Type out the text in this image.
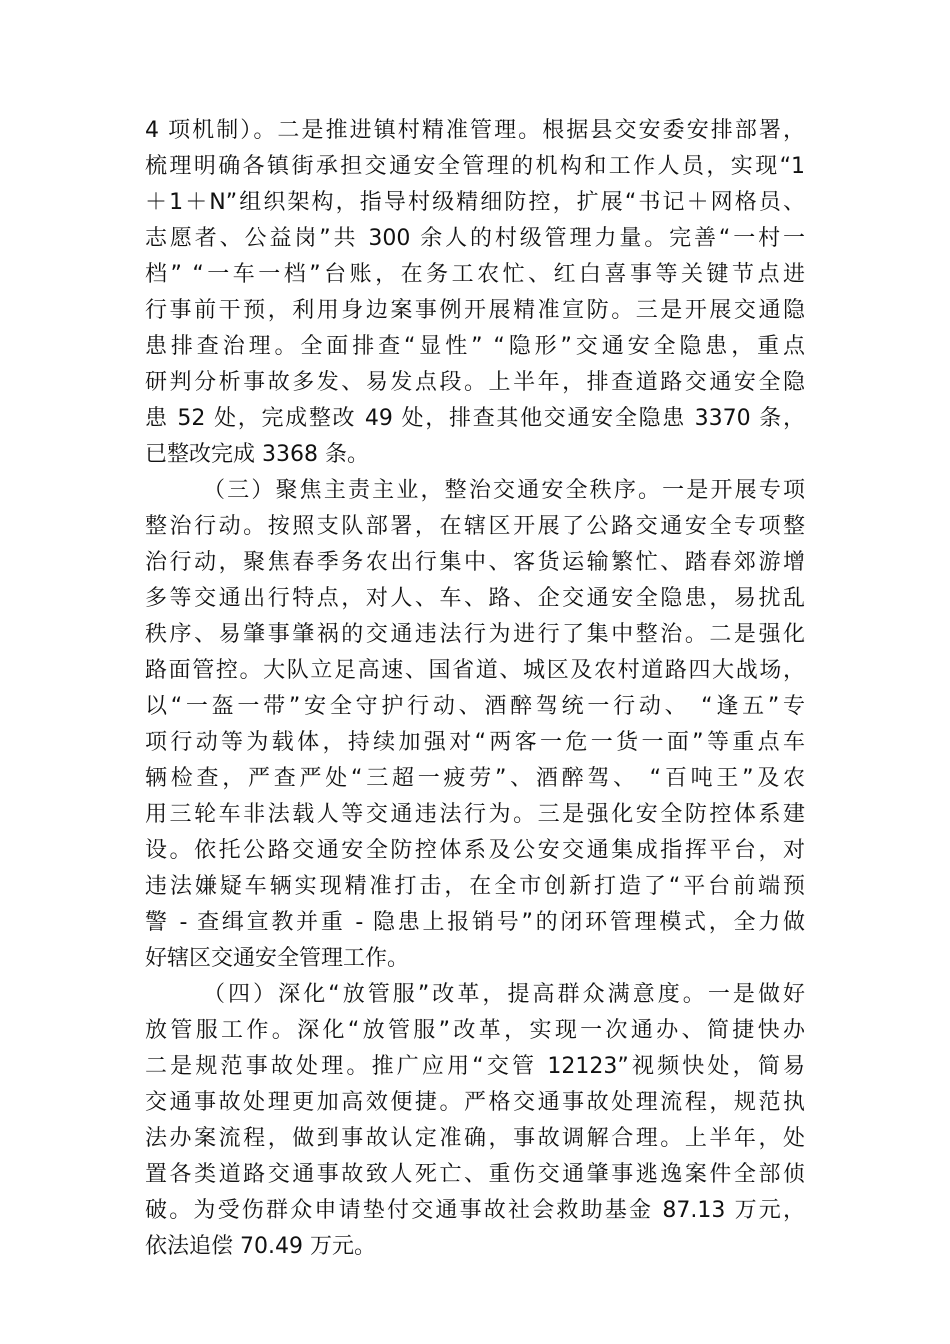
4 项机制）。二是推进镇村精准管理。根据县交安委安排部署，
梳理明确各镇街承担交通安全管理的机构和工作人员，实现“1
＋1＋N”组织架构，指导村级精细防控，扩展“书记＋网格员、
志愿者、公益岗”共 300 余人的村级管理力量。完善“一村一
档” “一车一档”台账，在务工农忙、红白喜事等关键节点进
行事前干预，利用身边案事例开展精准宣防。三是开展交通隐
患排查治理。全面排查“显性” “隐形”交通安全隐患，重点
研判分析事故多发、易发点段。上半年，排查道路交通安全隐
患 52 处，完成整改 49 处，排查其他交通安全隐患 3370 条，
已整改完成 3368 条。
（三）聚焦主责主业，整治交通安全秩序。一是开展专项
整治行动。按照支队部署，在辖区开展了公路交通安全专项整
治行动，聚焦春季务农出行集中、客货运输繁忙、踏春郊游增
多等交通出行特点，对人、车、路、企交通安全隐患，易扰乱
秩序、易肇事肇祸的交通违法行为进行了集中整治。二是强化
路面管控。大队立足高速、国省道、城区及农村道路四大战场，
以“一盔一带”安全守护行动、酒醉驾统一行动、 “逢五”专
项行动等为载体，持续加强对“两客一危一货一面”等重点车
辆检查，严查严处“三超一疲劳”、酒醉驾、 “百吨王”及农
用三轮车非法载人等交通违法行为。三是强化安全防控体系建
设。依托公路交通安全防控体系及公安交通集成指挥平台，对
违法嫌疑车辆实现精准打击，在全市创新打造了“平台前端预
警 - 查缉宣教并重 - 隐患上报销号”的闭环管理模式，全力做
好辖区交通安全管理工作。
（四）深化“放管服”改革，提高群众满意度。一是做好
放管服工作。深化“放管服”改革，实现一次通办、简捷快办
二是规范事故处理。推广应用“交管 12123”视频快处，简易
交通事故处理更加高效便捷。严格交通事故处理流程，规范执
法办案流程，做到事故认定准确，事故调解合理。上半年，处
置各类道路交通事故致人死亡、重伤交通肇事逃逸案件全部侦
破。为受伤群众申请垫付交通事故社会救助基金 87.13 万元，
依法追偿 70.49 万元。
